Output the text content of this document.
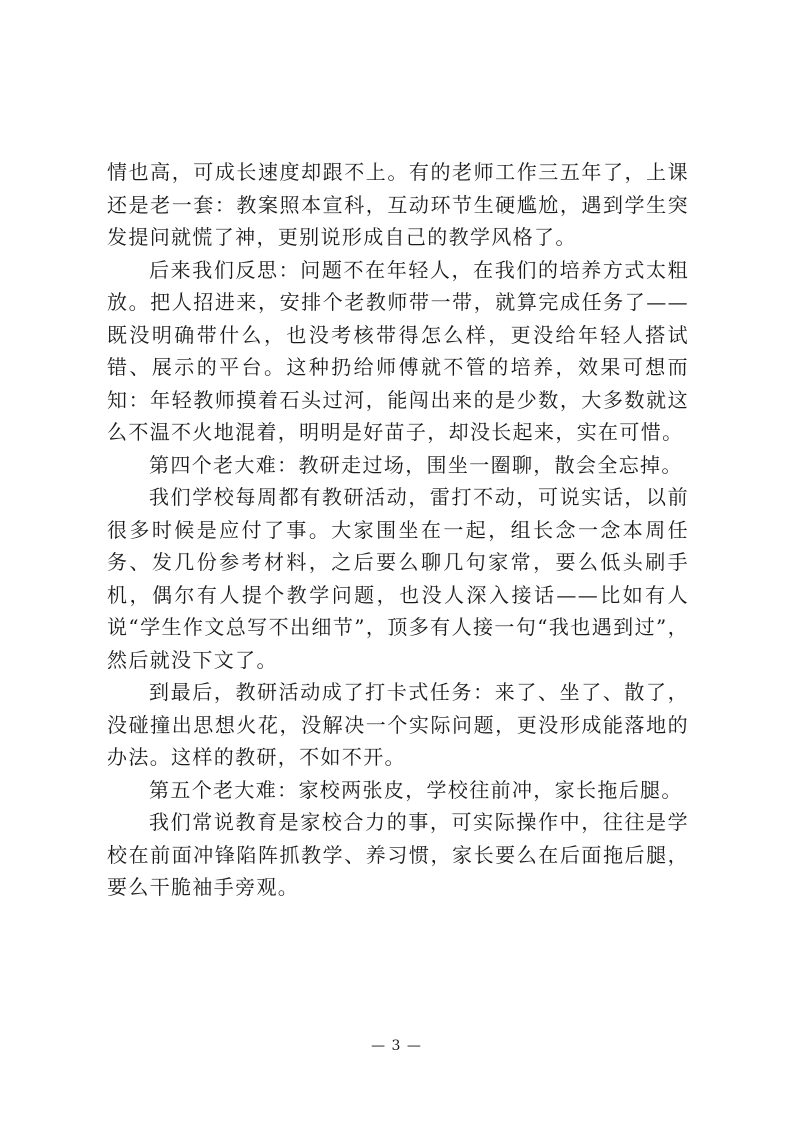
情也高，可成长速度却跟不上。有的老师工作三五年了，上课还是老一套：教案照本宣科，互动环节生硬尴尬，遇到学生突发提问就慌了神，更别说形成自己的教学风格了。

后来我们反思：问题不在年轻人，在我们的培养方式太粗放。把人招进来，安排个老教师带一带，就算完成任务了——既没明确带什么，也没考核带得怎么样，更没给年轻人搭试错、展示的平台。这种扔给师傅就不管的培养，效果可想而知：年轻教师摸着石头过河，能闯出来的是少数，大多数就这么不温不火地混着，明明是好苗子，却没长起来，实在可惜。

第四个老大难：教研走过场，围坐一圈聊，散会全忘掉。

我们学校每周都有教研活动，雷打不动，可说实话，以前很多时候是应付了事。大家围坐在一起，组长念一念本周任务、发几份参考材料，之后要么聊几句家常，要么低头刷手机，偶尔有人提个教学问题，也没人深入接话——比如有人说“学生作文总写不出细节”，顶多有人接一句“我也遇到过”，然后就没下文了。

到最后，教研活动成了打卡式任务：来了、坐了、散了，没碰撞出思想火花，没解决一个实际问题，更没形成能落地的办法。这样的教研，不如不开。

第五个老大难：家校两张皮，学校往前冲，家长拖后腿。

我们常说教育是家校合力的事，可实际操作中，往往是学校在前面冲锋陷阵抓教学、养习惯，家长要么在后面拖后腿，要么干脆袖手旁观。

— 3 —
